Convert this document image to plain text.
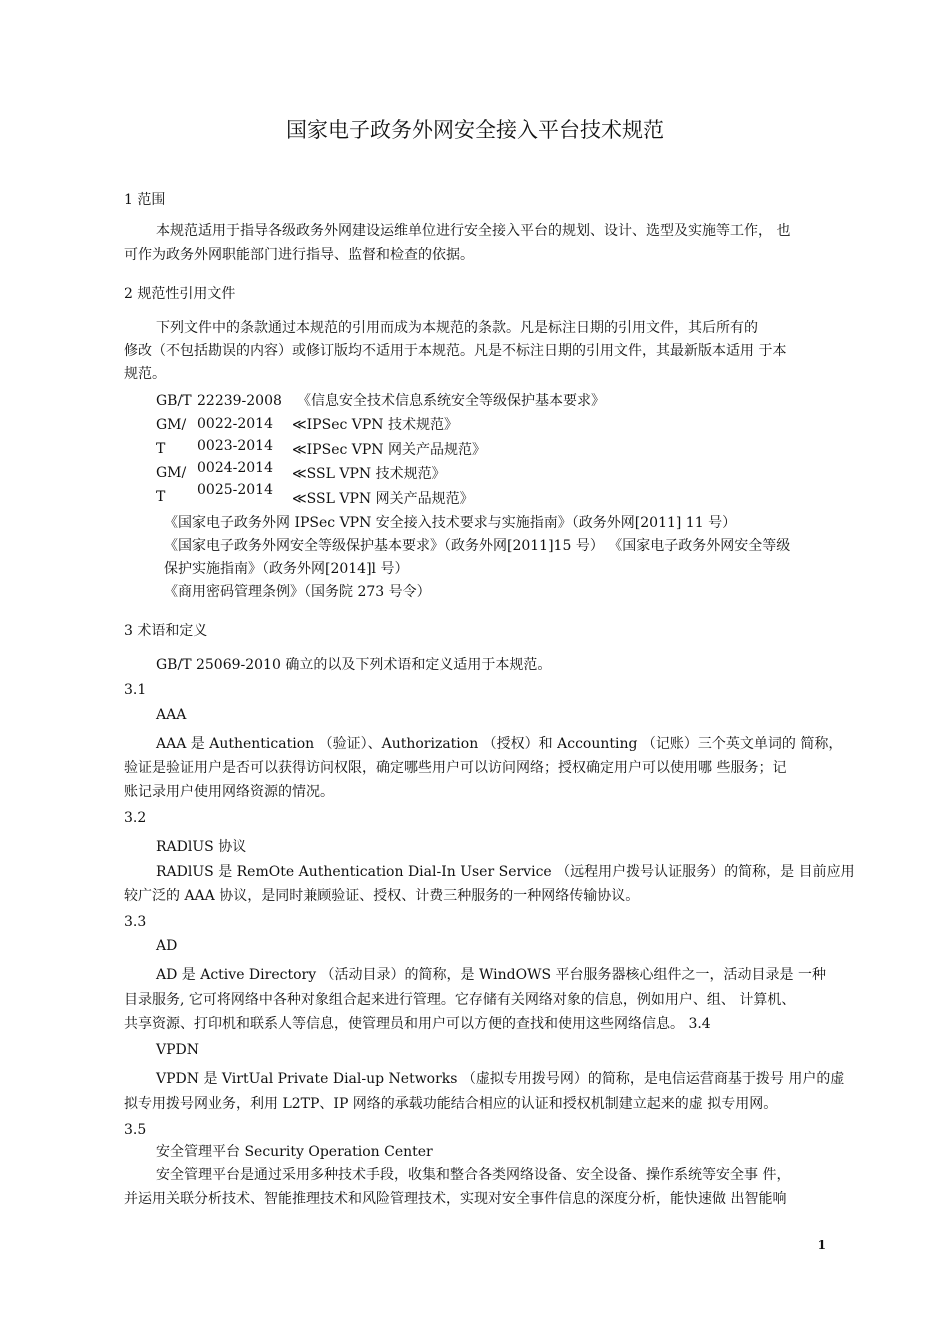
国家电子政务外网安全接入平台技术规范
1 范围
本规范适用于指导各级政务外网建设运维单位进行安全接入平台的规划、设计、选型及实施等工作， 也
可作为政务外网职能部门进行指导、监督和检查的依据。
2 规范性引用文件
下列文件中的条款通过本规范的引用而成为本规范的条款。凡是标注日期的引用文件，其后所有的
修改（不包括勘误的内容）或修订版均不适用于本规范。凡是不标注日期的引用文件，其最新版本适用 于本
规范。
GB/T
GM/
T
GM/
T
22239-2008
0022-2014
0023-2014
0024-2014
0025-2014
《信息安全技术信息系统安全等级保护基本要求》
≪IPSec VPN 技术规范》
≪IPSec VPN 网关产品规范》
≪SSL VPN 技术规范》
≪SSL VPN 网关产品规范》
《国家电子政务外网 IPSec VPN 安全接入技术要求与实施指南》（政务外网[2011] 11 号）
《国家电子政务外网安全等级保护基本要求》（政务外网[2011]15 号） 《国家电子政务外网安全等级
保护实施指南》（政务外网[2014]l 号）
《商用密码管理条例》（国务院 273 号令）
3 术语和定义
GB/T 25069-2010 确立的以及下列术语和定义适用于本规范。
3.1
AAA
AAA 是 Authentication （验证）、Authorization （授权）和 Accounting （记账）三个英文单词的 简称，
验证是验证用户是否可以获得访问权限，确定哪些用户可以访问网络；授权确定用户可以使用哪 些服务；记
账记录用户使用网络资源的情况。
3.2
RADlUS 协议
RADlUS 是 RemOte Authentication Dial-In User Service （远程用户拨号认证服务）的简称，是 目前应用
较广泛的 AAA 协议，是同时兼顾验证、授权、计费三种服务的一种网络传输协议。
3.3
AD
AD 是 Active Directory （活动目录）的简称，是 WindOWS 平台服务器核心组件之一，活动目录是 一种
目录服务, 它可将网络中各种对象组合起来进行管理。它存储有关网络对象的信息，例如用户、组、 计算机、
共享资源、打印机和联系人等信息，使管理员和用户可以方便的查找和使用这些网络信息。 3.4
VPDN
VPDN 是 VirtUal Private Dial-up Networks （虚拟专用拨号网）的简称，是电信运营商基于拨号 用户的虚
拟专用拨号网业务，利用 L2TP、IP 网络的承载功能结合相应的认证和授权机制建立起来的虚 拟专用网。
3.5
安全管理平台 Security Operation Center
安全管理平台是通过采用多种技术手段，收集和整合各类网络设备、安全设备、操作系统等安全事 件，
并运用关联分析技术、智能推理技术和风险管理技术，实现对安全事件信息的深度分析，能快速做 出智能响
1
